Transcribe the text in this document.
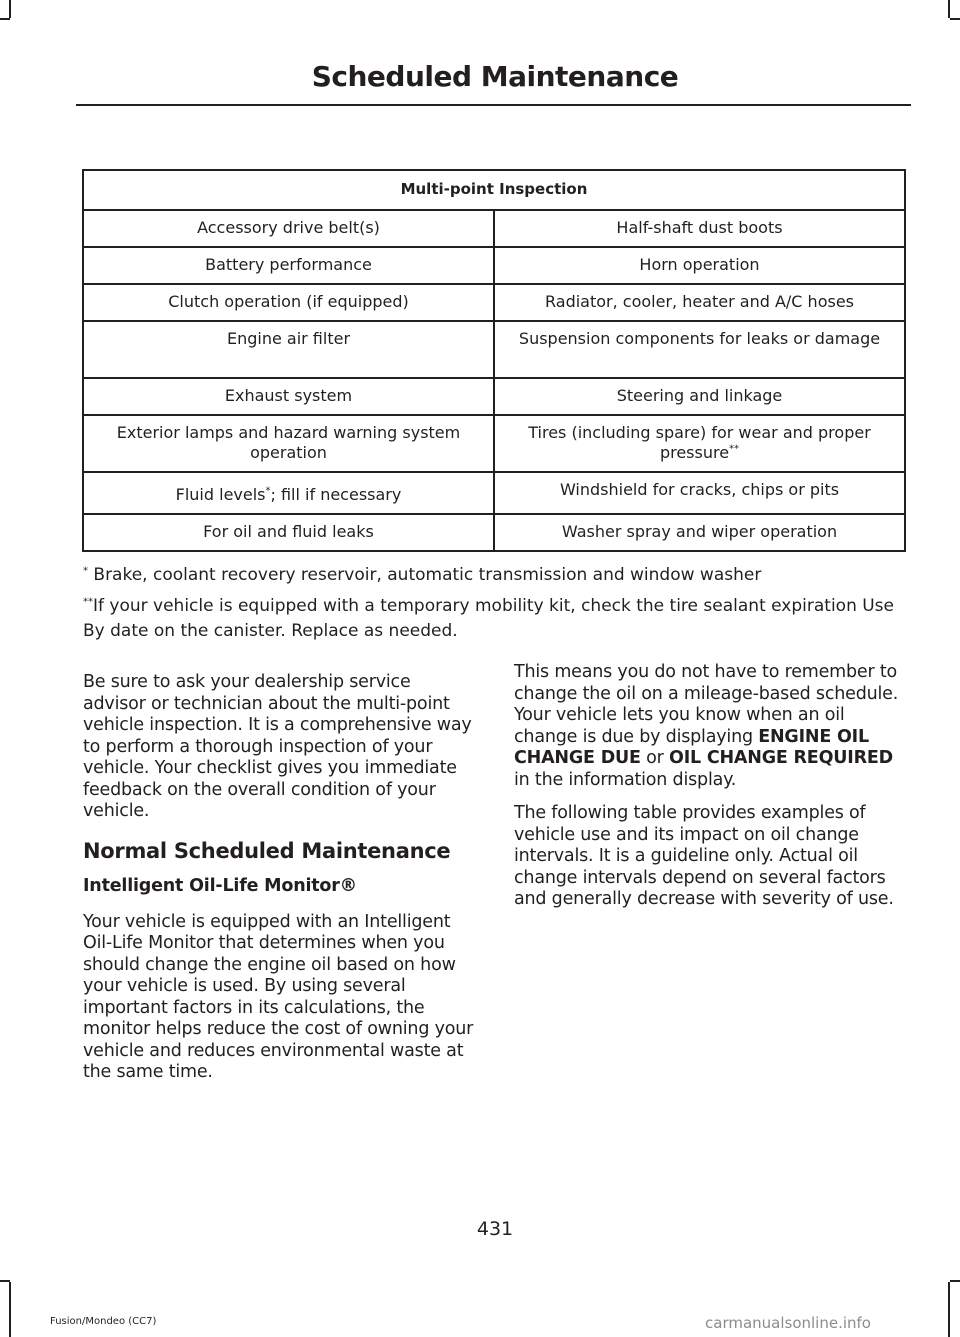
Scheduled Maintenance
Multi-point Inspection	
Accessory drive belt(s)	Half-shaft dust boots
Battery performance	Horn operation
Clutch operation (if equipped)	Radiator, cooler, heater and A/C hoses
Engine air filter	Suspension components for leaks or damage
Exhaust system	Steering and linkage
Exterior lamps and hazard warning system operation	Tires (including spare) for wear and proper pressure**
Fluid levels*; fill if necessary	Windshield for cracks, chips or pits
For oil and fluid leaks	Washer spray and wiper operation

* Brake, coolant recovery reservoir, automatic transmission and window washer

**If your vehicle is equipped with a temporary mobility kit, check the tire sealant expiration Use By date on the canister. Replace as needed.

Be sure to ask your dealership service advisor or technician about the multi-point vehicle inspection. It is a comprehensive way to perform a thorough inspection of your vehicle. Your checklist gives you immediate feedback on the overall condition of your vehicle.

Normal Scheduled Maintenance
Intelligent Oil-Life Monitor®

Your vehicle is equipped with an Intelligent Oil-Life Monitor that determines when you should change the engine oil based on how your vehicle is used. By using several important factors in its calculations, the monitor helps reduce the cost of owning your vehicle and reduces environmental waste at the same time.

This means you do not have to remember to change the oil on a mileage-based schedule. Your vehicle lets you know when an oil change is due by displaying ENGINE OIL CHANGE DUE or OIL CHANGE REQUIRED in the information display.

The following table provides examples of vehicle use and its impact on oil change intervals. It is a guideline only. Actual oil change intervals depend on several factors and generally decrease with severity of use.

431
Fusion/Mondeo (CC7)	carmanualsonline.info
